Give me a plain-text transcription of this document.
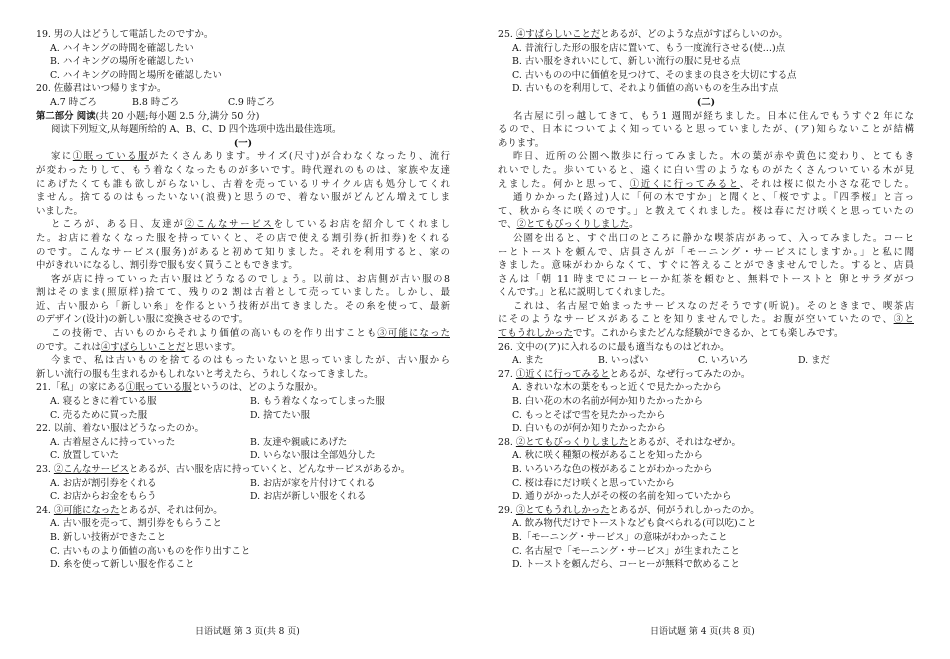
19. 男の人はどうして電話したのですか。
A. ハイキングの時間を確認したい
B. ハイキングの場所を確認したい
C. ハイキングの時間と場所を確認したい
20. 佐藤君はいつ帰りますか。
A.7 時ごろ	B.8 時ごろ	C.9 時ごろ
第二部分 阅读(共 20 小题;每小题 2.5 分,满分 50 分)
阅读下列短文,从每题所给的 A、B、C、D 四个选项中选出最佳选项。
(一)
家に①眠っている服がたくさんあります。サイズ(尺寸)が合わなくなったり、流行
が変わったりして、もう着なくなったものが多いです。時代遅れのものは、家族や友達
にあげたくても誰も欲しがらないし、古着を売っているリサイクル店も処分してくれ
ません。捨てるのはもったいない(浪费)と思うので、着ない服がどんどん増えてしま
いました。
ところが、ある日、友達が②こんなサービスをしているお店を紹介してくれまし
た。お店に着なくなった服を持っていくと、その店で使える割引券(折扣券)をくれる
のです。こんなサービス(服务)があると初めて知りました。それを利用すると、家の
中がきれいになるし、割引券で服も安く買うこともできます。
客が店に持っていった古い服はどうなるのでしょう。以前は、お店側が古い服の8
割はそのまま(照原样)捨てて、残りの2 割は古着として売っていました。しかし、最
近、古い服から「新しい糸」を作るという技術が出てきました。その糸を使って、最新
のデザイン(设计)の新しい服に変換させるのです。
この技術で、古いものからそれより価値の高いものを作り出すことも③可能になった
のです。これは④すばらしいことだと思います。
今まで、私は古いものを捨てるのはもったいないと思っていましたが、古い服から
新しい流行の服も生まれるかもしれないと考えたら、うれしくなってきました。
21.「私」の家にある①眠っている服というのは、どのような服か。
A. 寝るときに着ている服	B. もう着なくなってしまった服
C. 売るために買った服	D. 捨てたい服
22. 以前、着ない服はどうなったのか。
A. 古着屋さんに持っていった	B. 友達や親戚にあげた
C. 放置していた	D. いらない服は全部処分した
23. ②こんなサービスとあるが、古い服を店に持っていくと、どんなサービスがあるか。
A. お店が割引券をくれる	B. お店が家を片付けてくれる
C. お店からお金をもらう	D. お店が新しい服をくれる
24. ③可能になったとあるが、それは何か。
A. 古い服を売って、割引券をもらうこと
B. 新しい技術ができたこと
C. 古いものより価値の高いものを作り出すこと
D. 糸を使って新しい服を作ること
日语试题 第 3 页(共 8 页)
25. ④すばらしいことだとあるが、どのような点がすばらしいのか。
A. 昔流行した形の服を店に置いて、もう一度流行させる(使…)点
B. 古い服をきれいにして、新しい流行の服に見せる点
C. 古いものの中に価値を見つけて、そのままの良さを大切にする点
D. 古いものを利用して、それより価値の高いものを生み出す点
(二)
名古屋に引っ越してきて、もう1 週間が経ちました。日本に住んでもうすぐ2 年にな
るので、日本についてよく知っていると思っていましたが、(ア)知らないことが結構
あります。
昨日、近所の公園へ散歩に行ってみました。木の葉が赤や黄色に変わり、とてもき
れいでした。歩いていると、遠くに白い雪のようなものがたくさんついている木が見
えました。何かと思って、①近くに行ってみると、それは桜に似た小さな花でした。
通りかかった(路过)人に「何の木ですか」と聞くと、「桜ですよ。『四季桜』と言っ
て、秋から冬に咲くのです。」と教えてくれました。桜は春にだけ咲くと思っていたの
で、②とてもびっくりしました。
公園を出ると、すぐ出口のところに静かな喫茶店があって、入ってみました。コーヒ
ーとトーストを頼んで、店員さんが「モーニング・サービスにしますか。」と私に聞
きました。意味がわからなくて、すぐに答えることができませんでした。すると、店員
さんは「朝 11 時までにコーヒーか紅茶を頼むと、無料でトーストと 卵とサラダがつ
くんです。」と私に説明してくれました。
これは、名古屋で始まったサービスなのだそうです(听说)。そのときまで、喫茶店
にそのようなサービスがあることを知りませんでした。お腹が空いていたので、③と
てもうれしかったです。これからまたどんな経験ができるか、とても楽しみです。
26. 文中の(ア)に入れるのに最も適当なものはどれか。
A. また	B. いっぱい	C. いろいろ	D. まだ
27. ①近くに行ってみるととあるが、なぜ行ってみたのか。
A. きれいな木の葉をもっと近くで見たかったから
B. 白い花の木の名前が何か知りたかったから
C. もっとそばで雪を見たかったから
D. 白いものが何か知りたかったから
28. ②とてもびっくりしましたとあるが、それはなぜか。
A. 秋に咲く種類の桜があることを知ったから
B. いろいろな色の桜があることがわかったから
C. 桜は春にだけ咲くと思っていたから
D. 通りがかった人がその桜の名前を知っていたから
29. ③とてもうれしかったとあるが、何がうれしかったのか。
A. 飲み物代だけでトーストなども食べられる(可以吃)こと
B.「モーニング・サービス」の意味がわかったこと
C. 名古屋で「モーニング・サービス」が生まれたこと
D. トーストを頼んだら、コーヒーが無料で飲めること
日语试题 第 4 页(共 8 页)
